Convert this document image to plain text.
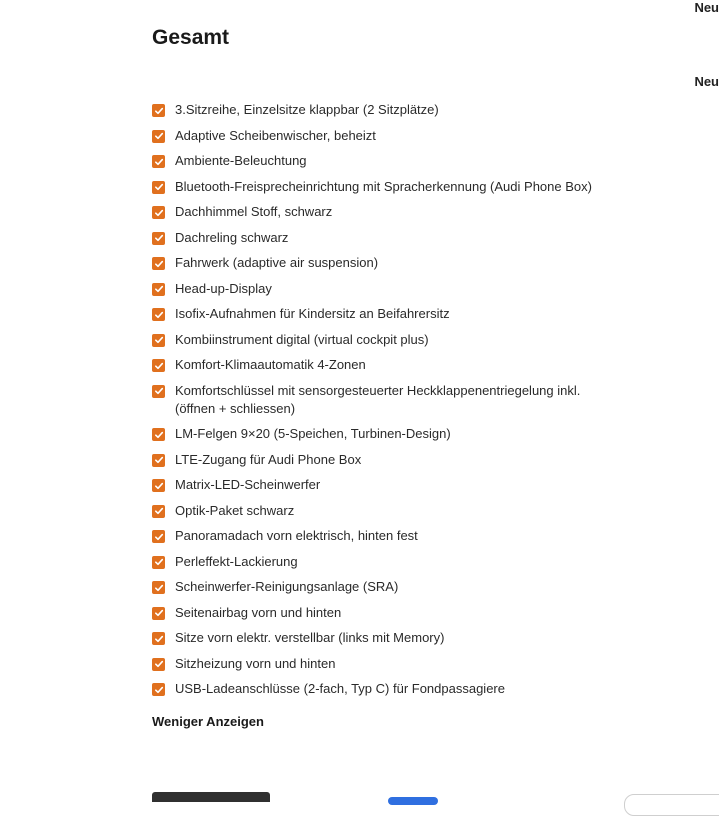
Neu
Neu
Gesamt
3.Sitzreihe, Einzelsitze klappbar (2 Sitzplätze)
Adaptive Scheibenwischer, beheizt
Ambiente-Beleuchtung
Bluetooth-Freisprecheinrichtung mit Spracherkennung (Audi Phone Box)
Dachhimmel Stoff, schwarz
Dachreling schwarz
Fahrwerk (adaptive air suspension)
Head-up-Display
Isofix-Aufnahmen für Kindersitz an Beifahrersitz
Kombiinstrument digital (virtual cockpit plus)
Komfort-Klimaautomatik 4-Zonen
Komfortschlüssel mit sensorgesteuerter Heckklappenentriegelung inkl. (öffnen + schliessen)
LM-Felgen 9×20 (5-Speichen, Turbinen-Design)
LTE-Zugang für Audi Phone Box
Matrix-LED-Scheinwerfer
Optik-Paket schwarz
Panoramadach vorn elektrisch, hinten fest
Perleffekt-Lackierung
Scheinwerfer-Reinigungsanlage (SRA)
Seitenairbag vorn und hinten
Sitze vorn elektr. verstellbar (links mit Memory)
Sitzheizung vorn und hinten
USB-Ladeanschlüsse (2-fach, Typ C) für Fondpassagiere
Weniger Anzeigen
